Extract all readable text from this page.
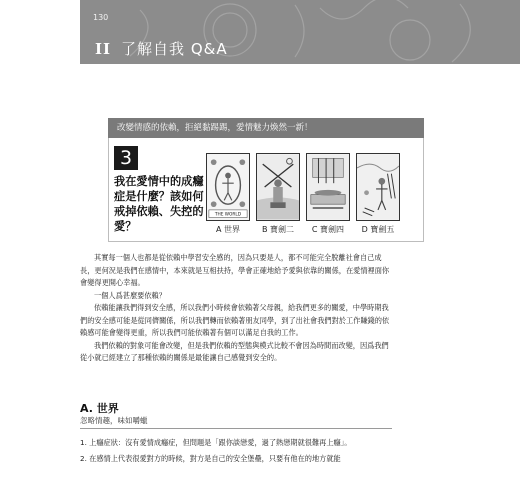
130
II 了解自我 Q&A
改變情感的依賴，拒絕黏踢踢，愛情魅力煥然一新！
3
我在愛情中的成癮症是什麼？該如何戒掉依賴、失控的愛？
THE WORLD
A 世界	B 寶劍二	C 寶劍四	D 寶劍五

其實每一個人也都是從依賴中學習安全感的，因為只要是人，都不可能完全脫離社會自己成長，更何況是我們在感情中，本來就是互相扶持，學會正確地給予愛與依靠的關係，在愛情裡面你會變得更開心幸福。

一個人爲甚麼要依賴？

依賴能讓我們得到安全感，所以我們小時候會依賴著父母親，給我們更多的關愛，中學時期我們的安全感可能是從同儕關係，所以我們轉而依賴著朋友同學，到了出社會我們對於工作賺錢的依賴感可能會變得更重，所以我們可能依賴著有個可以滿足自我的工作。

我們依賴的對象可能會改變，但是我們依賴的型態與模式比較不會因為時間而改變，因爲我們從小就已經建立了那種依賴的關係是最能讓自己感覺到安全的。

A. 世界
忽略情趣，味如嚼蠟
1. 上癮症狀：沒有愛情成癮症，但問題是「跟你談戀愛，過了熱戀期就很難再上癮」。
2. 在感情上代表很愛對方的時候，對方是自己的安全堡壘，只要有他在的地方就能
